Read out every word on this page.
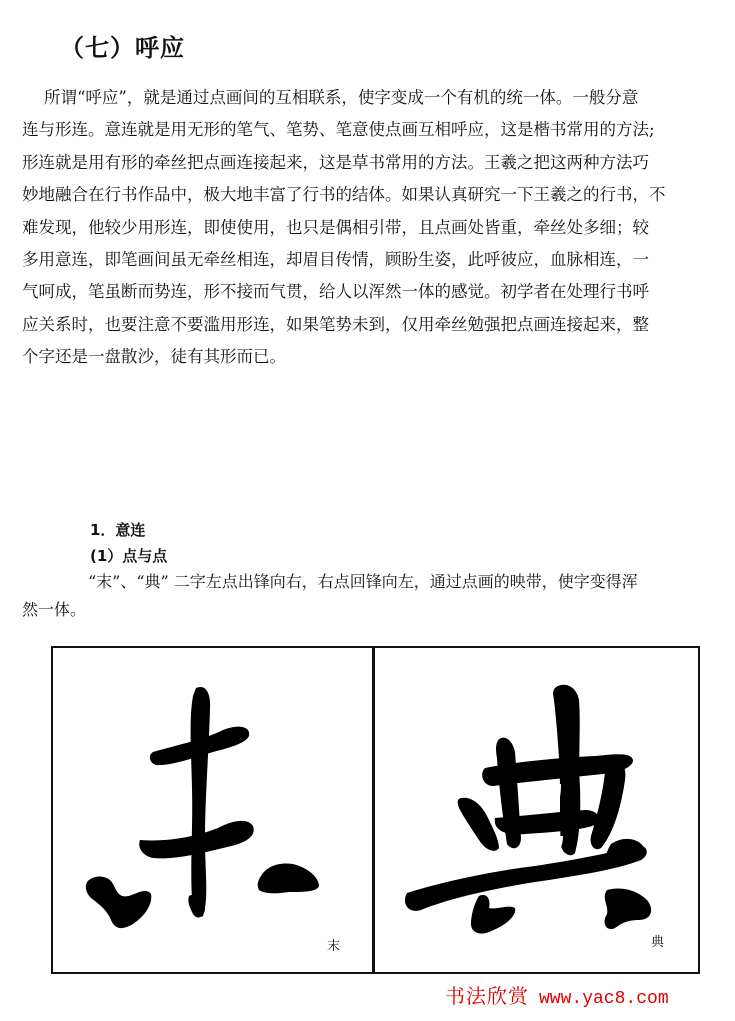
（七）呼应
所谓“呼应”，就是通过点画间的互相联系，使字变成一个有机的统一体。一般分意
连与形连。意连就是用无形的笔气、笔势、笔意使点画互相呼应，这是楷书常用的方法;
形连就是用有形的牵丝把点画连接起来，这是草书常用的方法。王羲之把这两种方法巧
妙地融合在行书作品中，极大地丰富了行书的结体。如果认真研究一下王羲之的行书，不
难发现，他较少用形连，即使使用，也只是偶相引带，且点画处皆重，牵丝处多细；较
多用意连，即笔画间虽无牵丝相连，却眉目传情，顾盼生姿，此呼彼应，血脉相连，一
气呵成，笔虽断而势连，形不接而气贯，给人以浑然一体的感觉。初学者在处理行书呼
应关系时，也要注意不要滥用形连，如果笔势未到，仅用牵丝勉强把点画连接起来，整
个字还是一盘散沙，徒有其形而已。
1．意连
(1）点与点
“末”、“典” 二字左点出锋向右，右点回锋向左，通过点画的映带，使字变得浑
然一体。
末	典
书法欣赏 www.yac8.com
